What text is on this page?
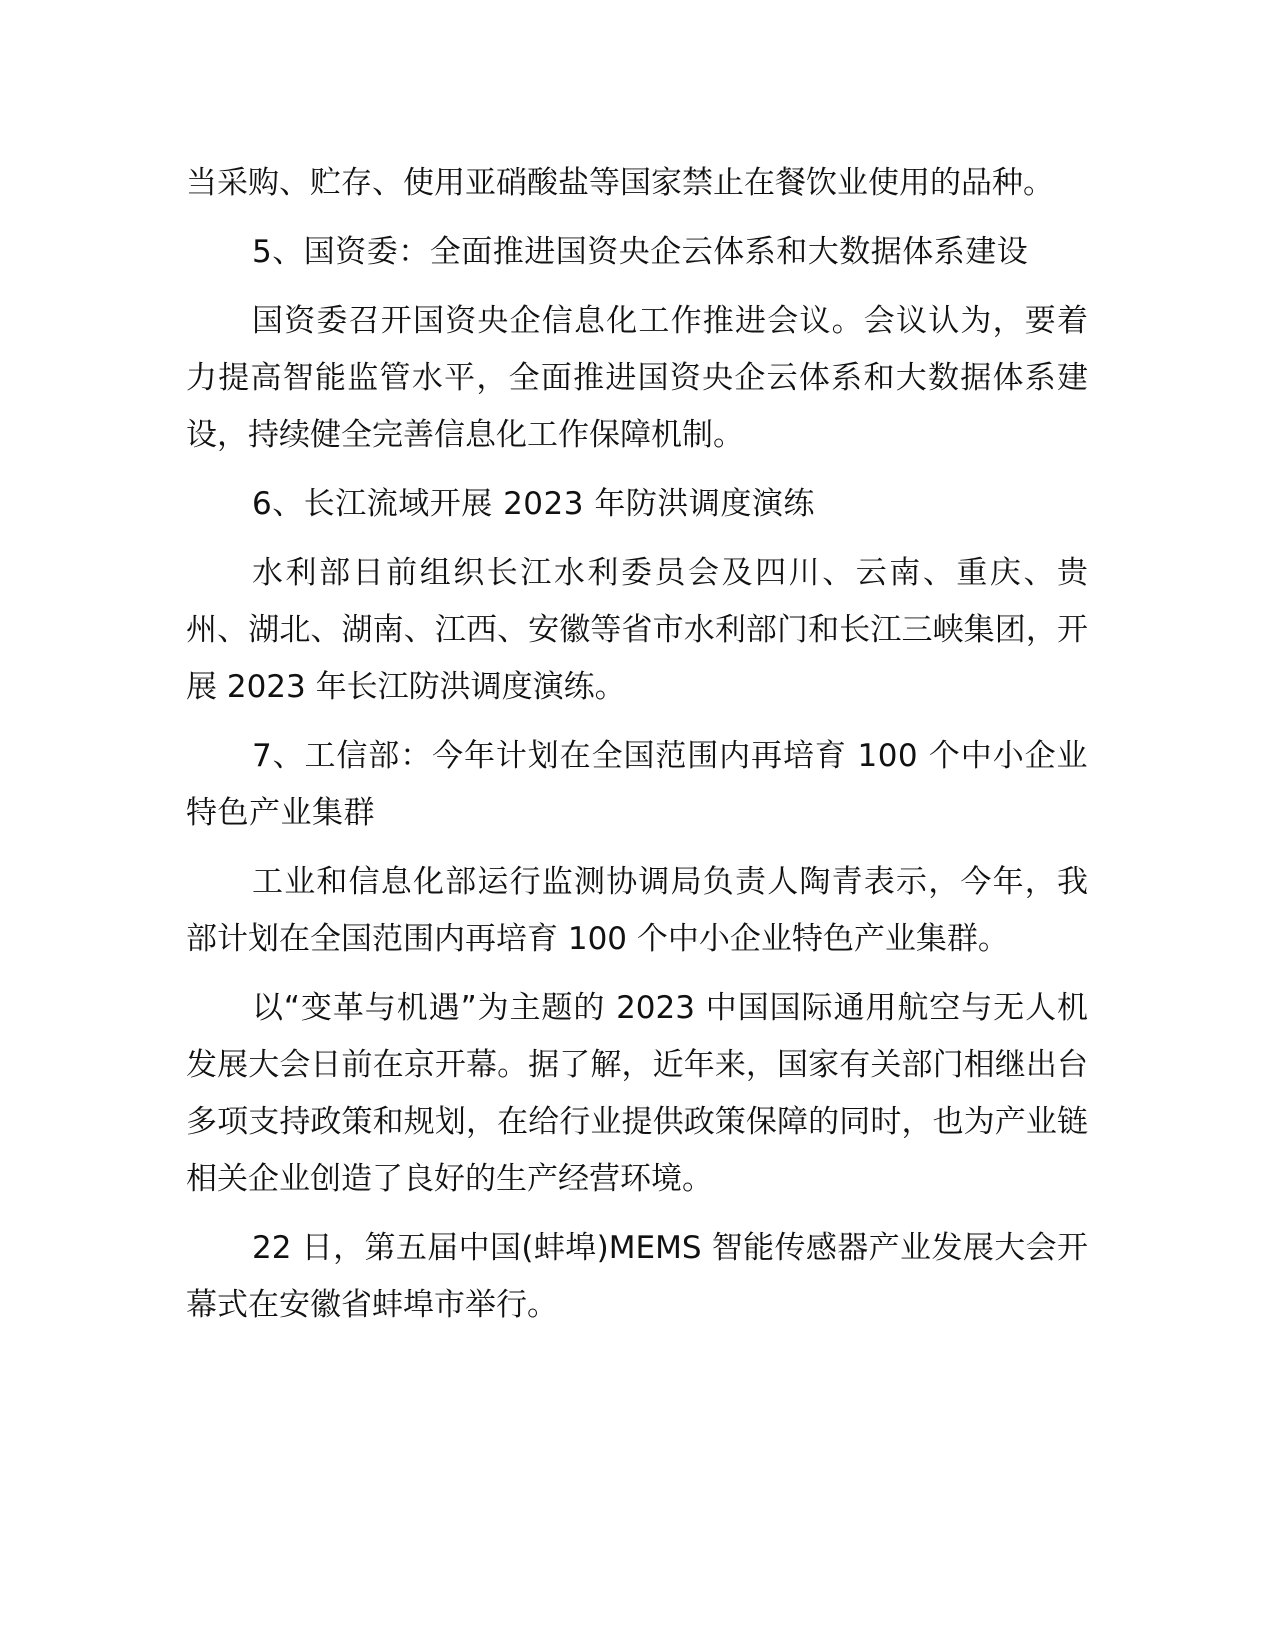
当采购、贮存、使用亚硝酸盐等国家禁止在餐饮业使用的品种。

5、国资委：全面推进国资央企云体系和大数据体系建设

国资委召开国资央企信息化工作推进会议。会议认为，要着力提高智能监管水平，全面推进国资央企云体系和大数据体系建设，持续健全完善信息化工作保障机制。

6、长江流域开展 2023 年防洪调度演练

水利部日前组织长江水利委员会及四川、云南、重庆、贵州、湖北、湖南、江西、安徽等省市水利部门和长江三峡集团，开展 2023 年长江防洪调度演练。

7、工信部：今年计划在全国范围内再培育 100 个中小企业特色产业集群

工业和信息化部运行监测协调局负责人陶青表示，今年，我部计划在全国范围内再培育 100 个中小企业特色产业集群。

以“变革与机遇”为主题的 2023 中国国际通用航空与无人机发展大会日前在京开幕。据了解，近年来，国家有关部门相继出台多项支持政策和规划，在给行业提供政策保障的同时，也为产业链相关企业创造了良好的生产经营环境。

22 日，第五届中国(蚌埠)MEMS 智能传感器产业发展大会开幕式在安徽省蚌埠市举行。
